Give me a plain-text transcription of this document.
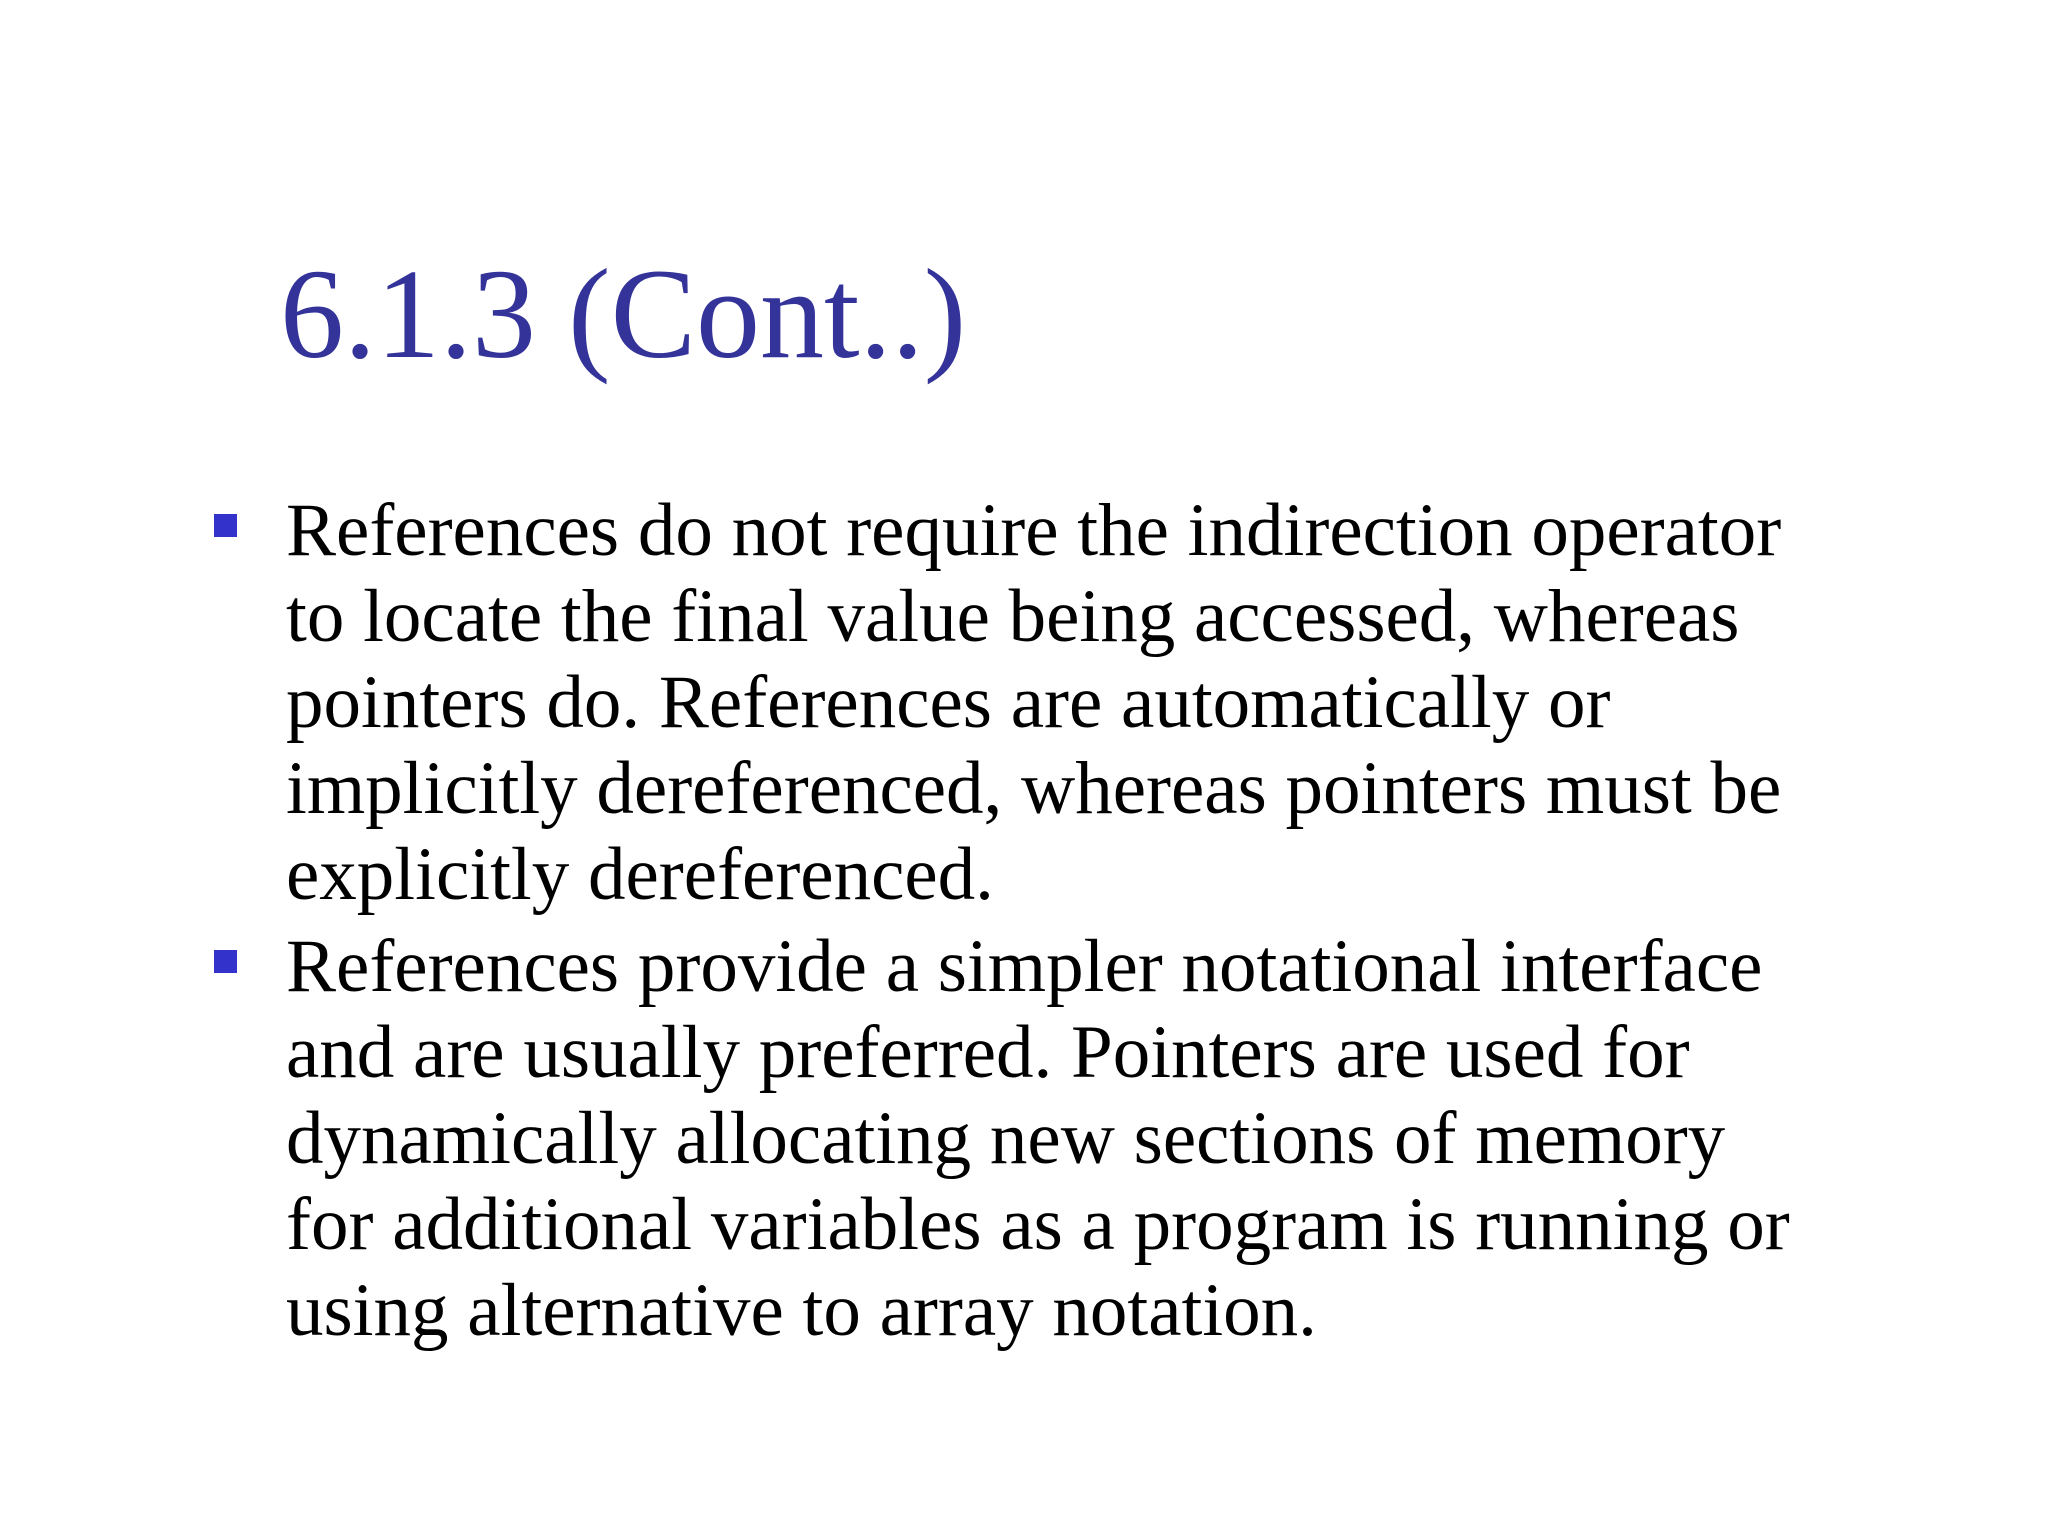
6.1.3 (Cont..)
References do not require the indirection operator
to locate the final value being accessed, whereas
pointers do. References are automatically or
implicitly dereferenced, whereas pointers must be
explicitly dereferenced.
References provide a simpler notational interface
and are usually preferred. Pointers are used for
dynamically allocating new sections of memory
for additional variables as a program is running or
using alternative to array notation.
